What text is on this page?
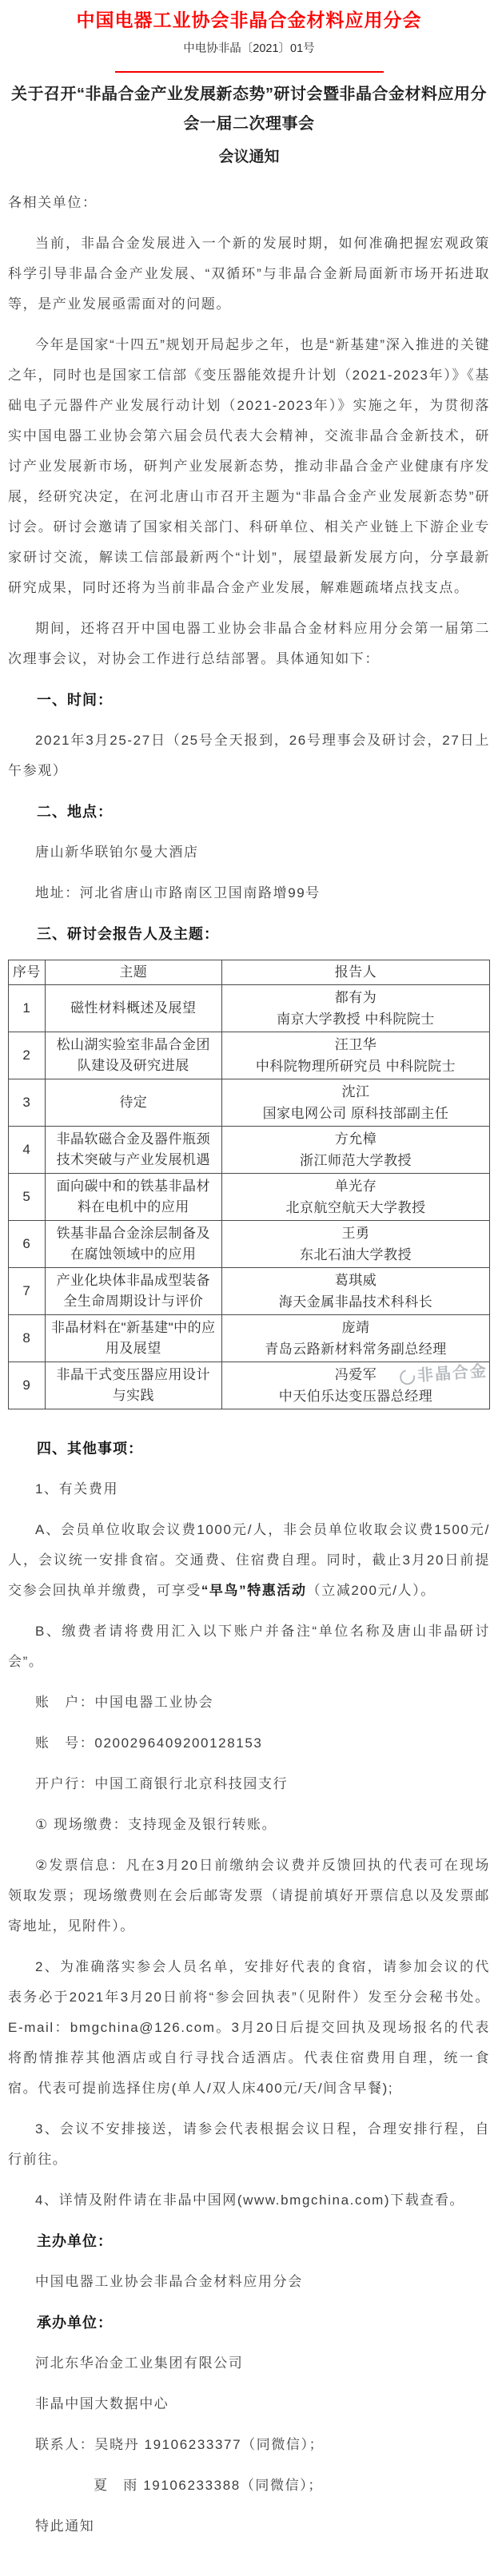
中国电器工业协会非晶合金材料应用分会
中电协非晶〔2021〕01号
关于召开“非晶合金产业发展新态势”研讨会暨非晶合金材料应用分会一届二次理事会
会议通知

各相关单位：

当前，非晶合金发展进入一个新的发展时期，如何准确把握宏观政策科学引导非晶合金产业发展、“双循环”与非晶合金新局面新市场开拓进取等，是产业发展亟需面对的问题。

今年是国家“十四五”规划开局起步之年，也是“新基建”深入推进的关键之年，同时也是国家工信部《变压器能效提升计划（2021-2023年）》《基础电子元器件产业发展行动计划（2021-2023年）》实施之年，为贯彻落实中国电器工业协会第六届会员代表大会精神，交流非晶合金新技术，研讨产业发展新市场，研判产业发展新态势，推动非晶合金产业健康有序发展，经研究决定，在河北唐山市召开主题为“非晶合金产业发展新态势”研讨会。研讨会邀请了国家相关部门、科研单位、相关产业链上下游企业专家研讨交流，解读工信部最新两个“计划”，展望最新发展方向，分享最新研究成果，同时还将为当前非晶合金产业发展，解难题疏堵点找支点。

期间，还将召开中国电器工业协会非晶合金材料应用分会第一届第二次理事会议，对协会工作进行总结部署。具体通知如下：

一、时间：

2021年3月25-27日（25号全天报到，26号理事会及研讨会，27日上午参观）

二、地点：

唐山新华联铂尔曼大酒店

地址：河北省唐山市路南区卫国南路增99号

三、研讨会报告人及主题：

序号	主题	报告人
1	磁性材料概述及展望	都有为
南京大学教授 中科院院士

2	松山湖实验室非晶合金团队建设及研究进展	汪卫华
中科院物理所研究员 中科院院士

3	待定	沈江
国家电网公司 原科技部副主任

4	非晶软磁合金及器件瓶颈技术突破与产业发展机遇	方允樟
浙江师范大学教授

5	面向碳中和的铁基非晶材料在电机中的应用	单光存
北京航空航天大学教授

6	铁基非晶合金涂层制备及在腐蚀领域中的应用	王勇
东北石油大学教授

7	产业化块体非晶成型装备全生命周期设计与评价	葛琪威
海天金属非晶技术科科长

8	非晶材料在"新基建"中的应用及展望	庞靖
青岛云路新材料常务副总经理

9	非晶干式变压器应用设计与实践	冯爱军
中天伯乐达变压器总经理
非晶合金

四、其他事项：

1、有关费用

A、会员单位收取会议费1000元/人，非会员单位收取会议费1500元/人，会议统一安排食宿。交通费、住宿费自理。同时，截止3月20日前提交参会回执单并缴费，可享受“早鸟”特惠活动（立减200元/人）。

B、缴费者请将费用汇入以下账户并备注“单位名称及唐山非晶研讨会”。

账　户：中国电器工业协会

账　号：0200296409200128153

开户行：中国工商银行北京科技园支行

① 现场缴费：支持现金及银行转账。

②发票信息：凡在3月20日前缴纳会议费并反馈回执的代表可在现场领取发票；现场缴费则在会后邮寄发票（请提前填好开票信息以及发票邮寄地址，见附件）。

2、为准确落实参会人员名单，安排好代表的食宿，请参加会议的代表务必于2021年3月20日前将“参会回执表”（见附件）发至分会秘书处。E-mail：bmgchina@126.com。3月20日后提交回执及现场报名的代表将酌情推荐其他酒店或自行寻找合适酒店。代表住宿费用自理，统一食宿。代表可提前选择住房(单人/双人床400元/天/间含早餐);

3、会议不安排接送，请参会代表根据会议日程，合理安排行程，自行前往。

4、详情及附件请在非晶中国网(www.bmgchina.com)下载查看。

主办单位：

中国电器工业协会非晶合金材料应用分会

承办单位：

河北东华冶金工业集团有限公司

非晶中国大数据中心

联系人：吴晓丹 19106233377（同微信）；

夏　雨 19106233388（同微信）；

特此通知
